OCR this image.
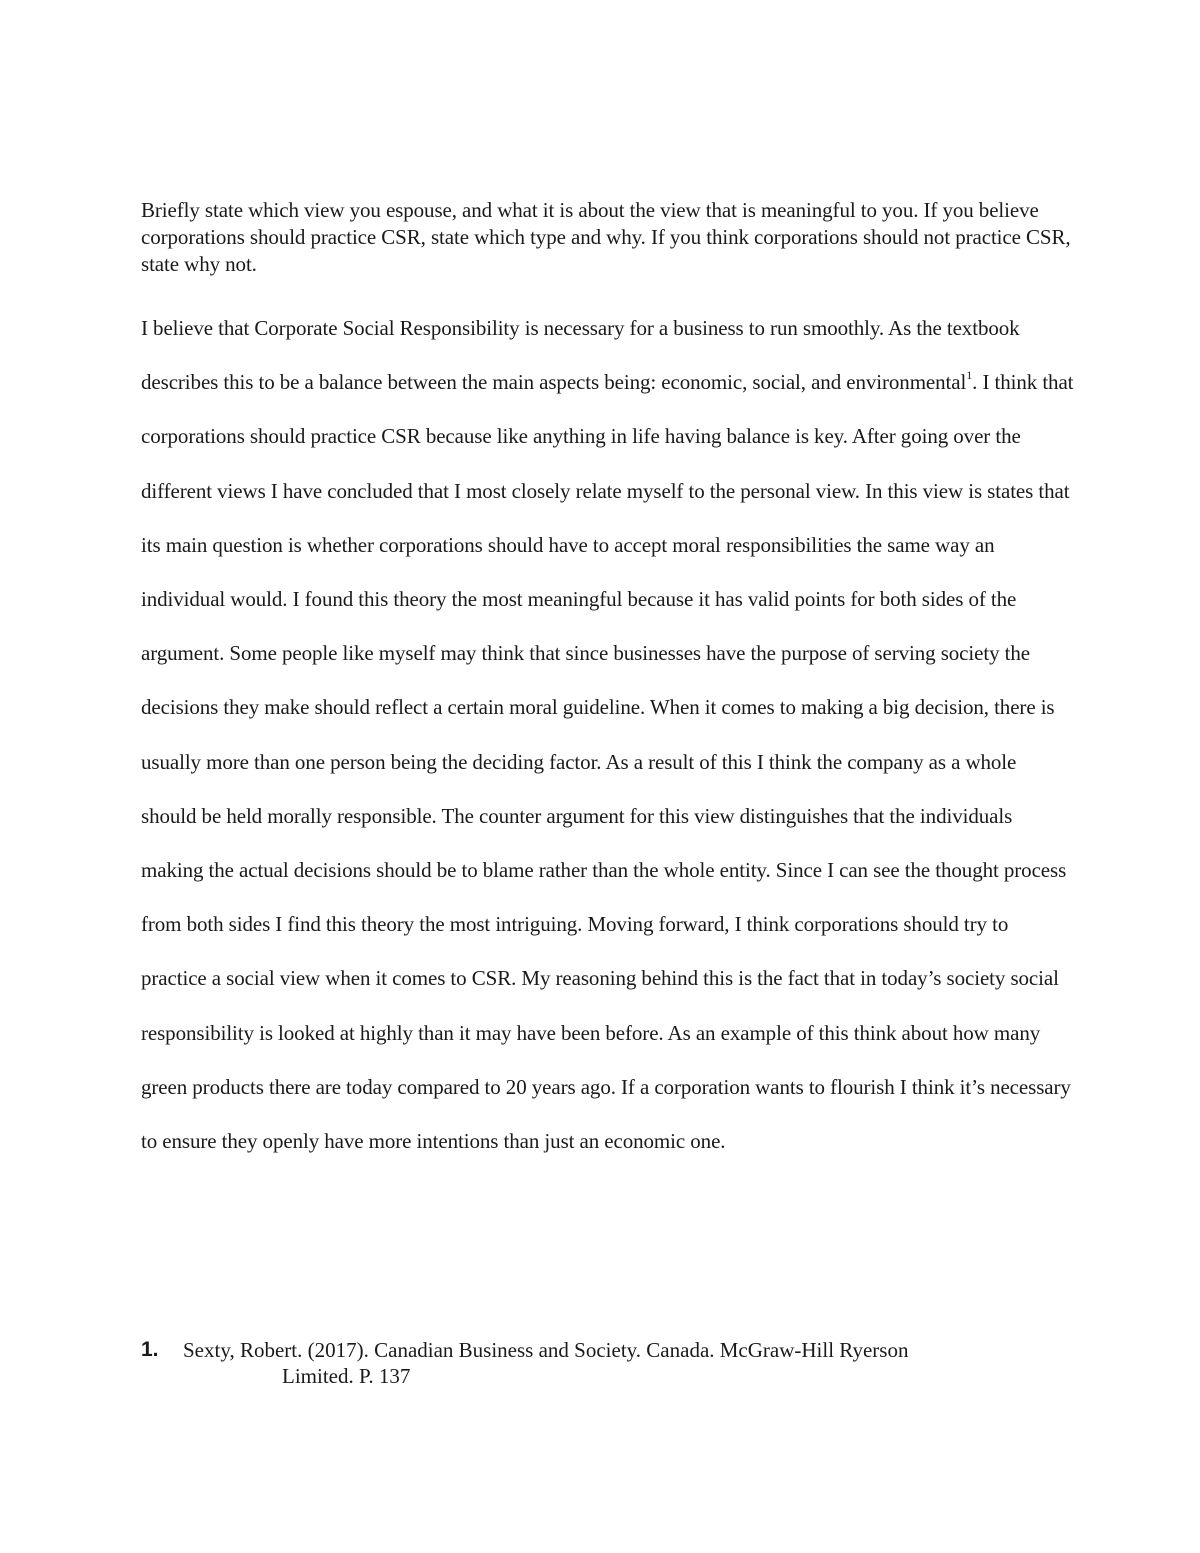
Briefly state which view you espouse, and what it is about the view that is meaningful to you. If you believe corporations should practice CSR, state which type and why. If you think corporations should not practice CSR, state why not.

I believe that Corporate Social Responsibility is necessary for a business to run smoothly. As the textbook describes this to be a balance between the main aspects being: economic, social, and environmental$^1$. I think that corporations should practice CSR because like anything in life having balance is key. After going over the different views I have concluded that I most closely relate myself to the personal view. In this view is states that its main question is whether corporations should have to accept moral responsibilities the same way an individual would. I found this theory the most meaningful because it has valid points for both sides of the argument. Some people like myself may think that since businesses have the purpose of serving society the decisions they make should reflect a certain moral guideline. When it comes to making a big decision, there is usually more than one person being the deciding factor. As a result of this I think the company as a whole should be held morally responsible. The counter argument for this view distinguishes that the individuals making the actual decisions should be to blame rather than the whole entity. Since I can see the thought process from both sides I find this theory the most intriguing. Moving forward, I think corporations should try to practice a social view when it comes to CSR. My reasoning behind this is the fact that in today’s society social responsibility is looked at highly than it may have been before. As an example of this think about how many green products there are today compared to 20 years ago. If a corporation wants to flourish I think it’s necessary to ensure they openly have more intentions than just an economic one.

1. Sexty, Robert. (2017). Canadian Business and Society. Canada. McGraw-Hill Ryerson
Limited. P. 137
